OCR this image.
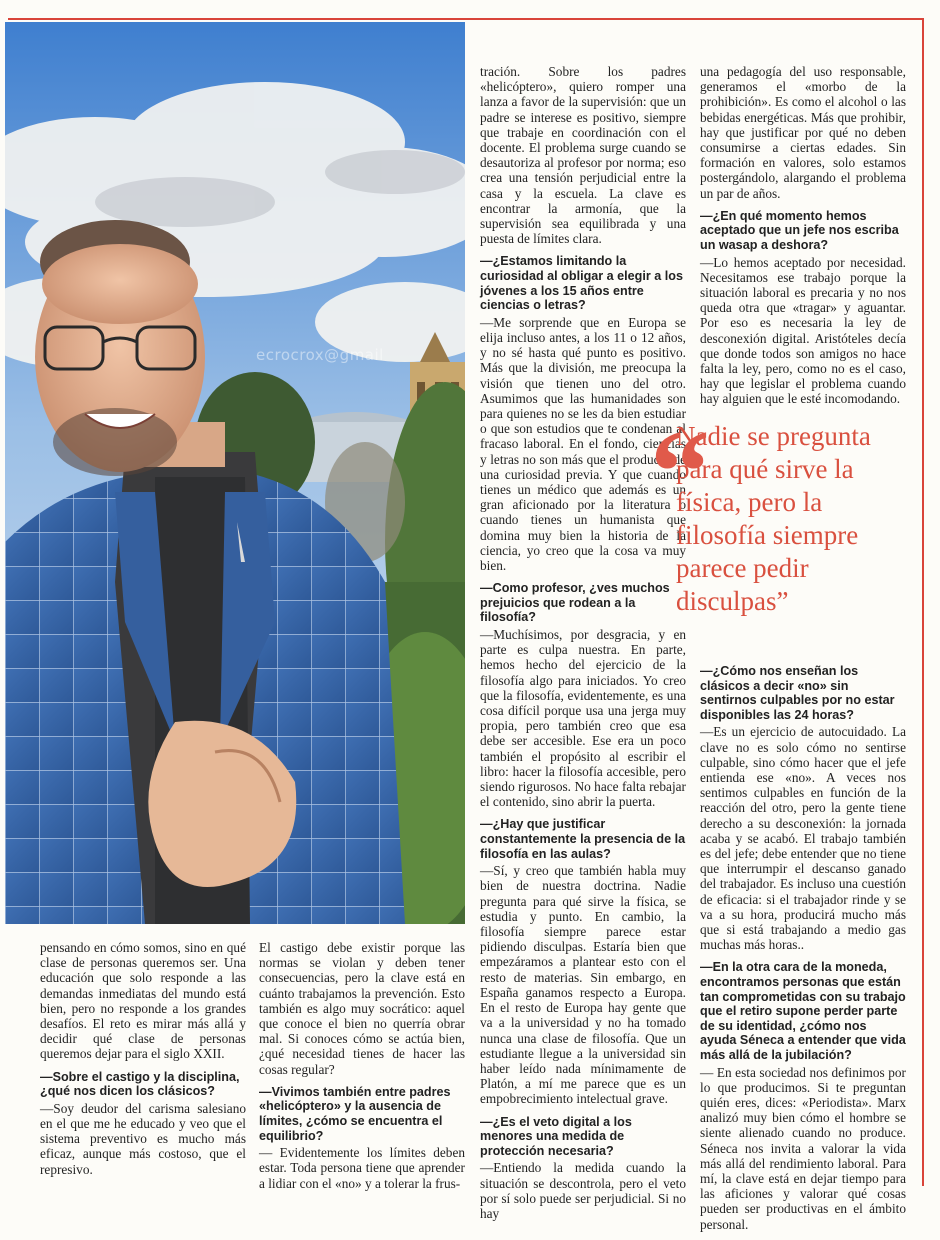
ecrocrox@gmail

pensando en cómo somos, sino en qué clase de personas queremos ser. Una educación que solo responde a las demandas inmediatas del mundo está bien, pero no responde a los grandes desafíos. El reto es mirar más allá y decidir qué clase de personas queremos dejar para el siglo XXII.

—Sobre el castigo y la disciplina, ¿qué nos dicen los clásicos?

—Soy deudor del carisma salesiano en el que me he educado y veo que el sistema preventivo es mucho más eficaz, aunque más costoso, que el represivo.

El castigo debe existir porque las normas se violan y deben tener consecuencias, pero la clave está en cuánto trabajamos la prevención. Esto también es algo muy socrático: aquel que conoce el bien no querría obrar mal. Si conoces cómo se actúa bien, ¿qué necesidad tienes de hacer las cosas regular?

—Vivimos también entre padres «helicóptero» y la ausencia de límites, ¿cómo se encuentra el equilibrio?

— Evidentemente los límites deben estar. Toda persona tiene que aprender a lidiar con el «no» y a tolerar la frus-

tración. Sobre los padres «helicóptero», quiero romper una lanza a favor de la supervisión: que un padre se interese es positivo, siempre que trabaje en coordinación con el docente. El problema surge cuando se desautoriza al profesor por norma; eso crea una tensión perjudicial entre la casa y la escuela. La clave es encontrar la armonía, que la supervisión sea equilibrada y una puesta de límites clara.

—¿Estamos limitando la curiosidad al obligar a elegir a los jóvenes a los 15 años entre ciencias o letras?

—Me sorprende que en Europa se elija incluso antes, a los 11 o 12 años, y no sé hasta qué punto es positivo. Más que la división, me preocupa la visión que tienen uno del otro. Asumimos que las humanidades son para quienes no se les da bien estudiar o que son estudios que te condenan al fracaso laboral. En el fondo, ciencias y letras no son más que el producto de una curiosidad previa. Y que cuando tienes un médico que además es un gran aficionado por la literatura o cuando tienes un humanista que domina muy bien la historia de la ciencia, yo creo que la cosa va muy bien.

—Como profesor, ¿ves muchos prejuicios que rodean a la filosofía?

—Muchísimos, por desgracia, y en parte es culpa nuestra. En parte, hemos hecho del ejercicio de la filosofía algo para iniciados. Yo creo que la filosofía, evidentemente, es una cosa difícil porque usa una jerga muy propia, pero también creo que esa debe ser accesible. Ese era un poco también el propósito al escribir el libro: hacer la filosofía accesible, pero siendo rigurosos. No hace falta rebajar el contenido, sino abrir la puerta.

—¿Hay que justificar constantemente la presencia de la filosofía en las aulas?

—Sí, y creo que también habla muy bien de nuestra doctrina. Nadie pregunta para qué sirve la física, se estudia y punto. En cambio, la filosofía siempre parece estar pidiendo disculpas. Estaría bien que empezáramos a plantear esto con el resto de materias. Sin embargo, en España ganamos respecto a Europa. En el resto de Europa hay gente que va a la universidad y no ha tomado nunca una clase de filosofía. Que un estudiante llegue a la universidad sin haber leído nada mínimamente de Platón, a mí me parece que es un empobrecimiento intelectual grave.

—¿Es el veto digital a los menores una medida de protección necesaria?

—Entiendo la medida cuando la situación se descontrola, pero el veto por sí solo puede ser perjudicial. Si no hay

una pedagogía del uso responsable, generamos el «morbo de la prohibición». Es como el alcohol o las bebidas energéticas. Más que prohibir, hay que justificar por qué no deben consumirse a ciertas edades. Sin formación en valores, solo estamos postergándolo, alargando el problema un par de años.

—¿En qué momento hemos aceptado que un jefe nos escriba un wasap a deshora?

—Lo hemos aceptado por necesidad. Necesitamos ese trabajo porque la situación laboral es precaria y no nos queda otra que «tragar» y aguantar. Por eso es necesaria la ley de desconexión digital. Aristóteles decía que donde todos son amigos no hace falta la ley, pero, como no es el caso, hay que legislar el problema cuando hay alguien que le esté incomodando.

—¿Cómo nos enseñan los clásicos a decir «no» sin sentirnos culpables por no estar disponibles las 24 horas?

—Es un ejercicio de autocuidado. La clave no es solo cómo no sentirse culpable, sino cómo hacer que el jefe entienda ese «no». A veces nos sentimos culpables en función de la reacción del otro, pero la gente tiene derecho a su desconexión: la jornada acaba y se acabó. El trabajo también es del jefe; debe entender que no tiene que interrumpir el descanso ganado del trabajador. Es incluso una cuestión de eficacia: si el trabajador rinde y se va a su hora, producirá mucho más que si está trabajando a medio gas muchas más horas..

—En la otra cara de la moneda, encontramos personas que están tan comprometidas con su trabajo que el retiro supone perder parte de su identidad, ¿cómo nos ayuda Séneca a entender que vida más allá de la jubilación?

— En esta sociedad nos definimos por lo que producimos. Si te preguntan quién eres, dices: «Periodista». Marx analizó muy bien cómo el hombre se siente alienado cuando no produce. Séneca nos invita a valorar la vida más allá del rendimiento laboral. Para mí, la clave está en dejar tiempo para las aficiones y valorar qué cosas pueden ser productivas en el ámbito personal.

“
Nadie se pregunta para qué sirve la física, pero la filosofía siempre parece pedir disculpas”
